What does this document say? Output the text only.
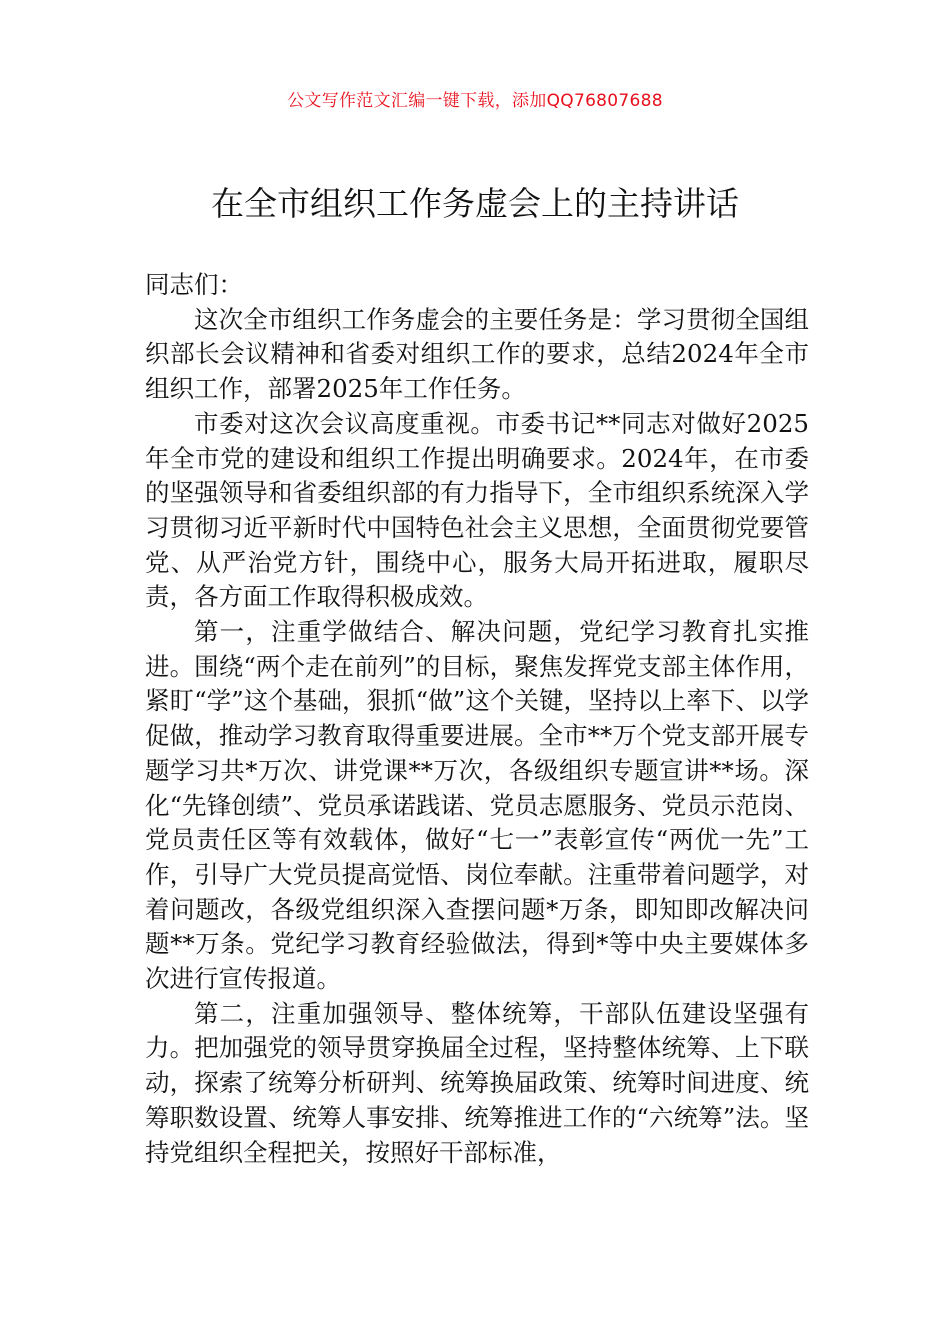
公文写作范文汇编一键下载，添加QQ76807688
在全市组织工作务虚会上的主持讲话

同志们：

这次全市组织工作务虚会的主要任务是：学习贯彻全国组织部长会议精神和省委对组织工作的要求，总结2024年全市组织工作，部署2025年工作任务。

市委对这次会议高度重视。市委书记**同志对做好2025年全市党的建设和组织工作提出明确要求。2024年，在市委的坚强领导和省委组织部的有力指导下，全市组织系统深入学习贯彻习近平新时代中国特色社会主义思想，全面贯彻党要管党、从严治党方针，围绕中心，服务大局开拓进取，履职尽责，各方面工作取得积极成效。

第一，注重学做结合、解决问题，党纪学习教育扎实推进。围绕“两个走在前列”的目标，聚焦发挥党支部主体作用，紧盯“学”这个基础，狠抓“做”这个关键，坚持以上率下、以学促做，推动学习教育取得重要进展。全市**万个党支部开展专题学习共*万次、讲党课**万次，各级组织专题宣讲**场。深化“先锋创绩”、党员承诺践诺、党员志愿服务、党员示范岗、党员责任区等有效载体，做好“七一”表彰宣传“两优一先”工作，引导广大党员提高觉悟、岗位奉献。注重带着问题学，对着问题改，各级党组织深入查摆问题*万条，即知即改解决问题**万条。党纪学习教育经验做法，得到*等中央主要媒体多次进行宣传报道。

第二，注重加强领导、整体统筹，干部队伍建设坚强有力。把加强党的领导贯穿换届全过程，坚持整体统筹、上下联动，探索了统筹分析研判、统筹换届政策、统筹时间进度、统筹职数设置、统筹人事安排、统筹推进工作的“六统筹”法。坚持党组织全程把关，按照好干部标准，
